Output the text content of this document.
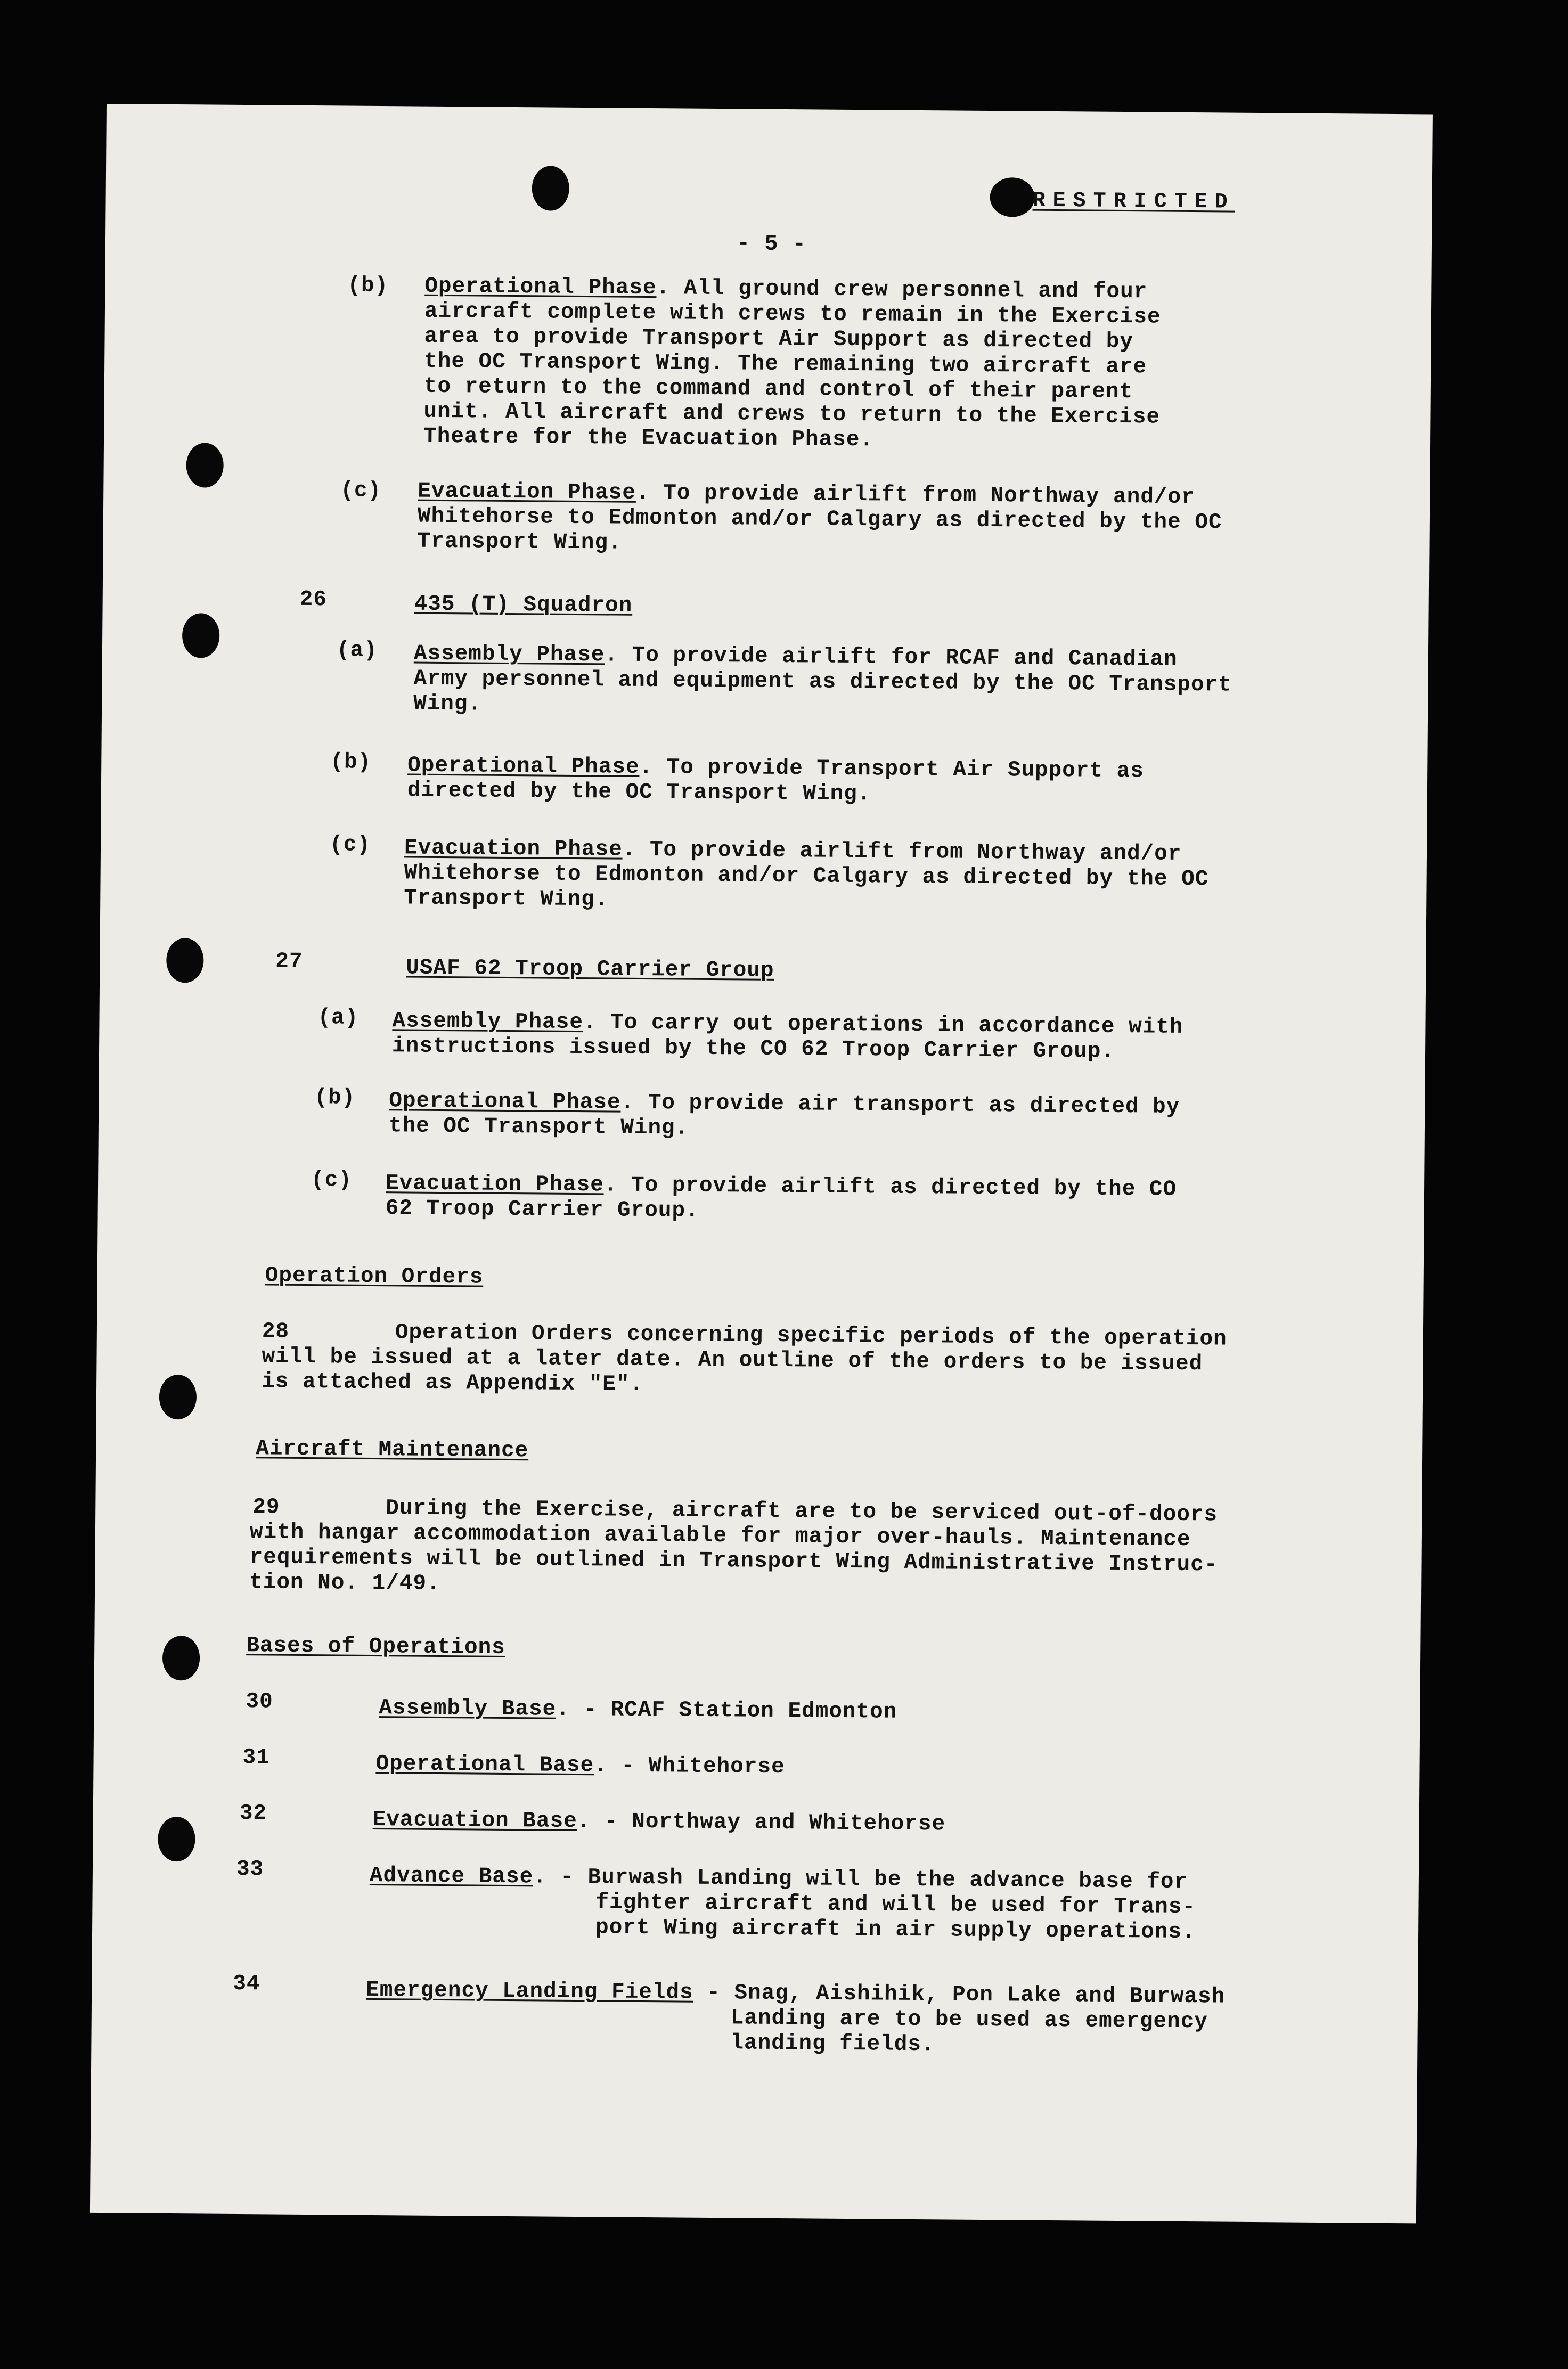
RESTRICTED
- 5 -
(b) Operational Phase. All ground crew personnel and four
aircraft complete with crews to remain in the Exercise
area to provide Transport Air Support as directed by
the OC Transport Wing. The remaining two aircraft are
to return to the command and control of their parent
unit. All aircraft and crews to return to the Exercise
Theatre for the Evacuation Phase.
(c) Evacuation Phase. To provide airlift from Northway and/or
Whitehorse to Edmonton and/or Calgary as directed by the OC
Transport Wing.
26	435 (T) Squadron
(a) Assembly Phase. To provide airlift for RCAF and Canadian
Army personnel and equipment as directed by the OC Transport
Wing.
(b) Operational Phase. To provide Transport Air Support as
directed by the OC Transport Wing.
(c) Evacuation Phase. To provide airlift from Northway and/or
Whitehorse to Edmonton and/or Calgary as directed by the OC
Transport Wing.
27	USAF 62 Troop Carrier Group
(a) Assembly Phase. To carry out operations in accordance with
instructions issued by the CO 62 Troop Carrier Group.
(b) Operational Phase. To provide air transport as directed by
the OC Transport Wing.
(c) Evacuation Phase. To provide airlift as directed by the CO
62 Troop Carrier Group.
Operation Orders
28	Operation Orders concerning specific periods of the operation
will be issued at a later date. An outline of the orders to be issued
is attached as Appendix "E".
Aircraft Maintenance
29	During the Exercise, aircraft are to be serviced out-of-doors
with hangar accommodation available for major over-hauls. Maintenance
requirements will be outlined in Transport Wing Administrative Instruc-
tion No. 1/49.
Bases of Operations
30	Assembly Base. - RCAF Station Edmonton
31	Operational Base. - Whitehorse
32	Evacuation Base. - Northway and Whitehorse
33	Advance Base. - Burwash Landing will be the advance base for
fighter aircraft and will be used for Trans-
port Wing aircraft in air supply operations.
34	Emergency Landing Fields - Snag, Aishihik, Pon Lake and Burwash
Landing are to be used as emergency
landing fields.
